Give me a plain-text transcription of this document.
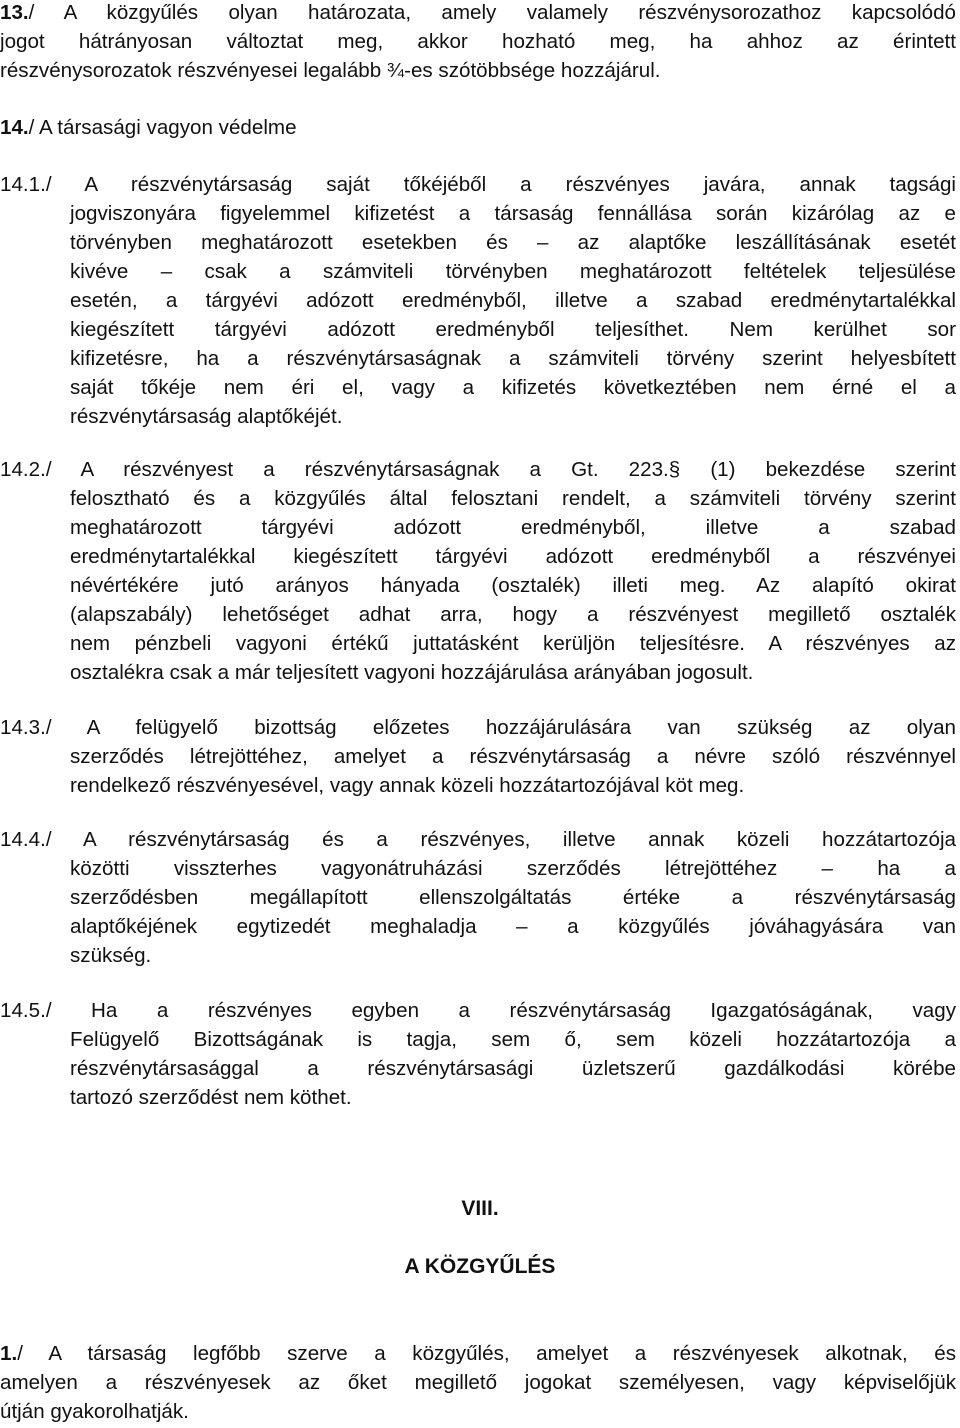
13./ A közgyűlés olyan határozata, amely valamely részvénysorozathoz kapcsolódó
jogot hátrányosan változtat meg, akkor hozható meg, ha ahhoz az érintett
részvénysorozatok részvényesei legalább ¾-es szótöbbsége hozzájárul.
14./ A társasági vagyon védelme
14.1./ A részvénytársaság saját tőkéjéből a részvényes javára, annak tagsági
jogviszonyára figyelemmel kifizetést a társaság fennállása során kizárólag az e
törvényben meghatározott esetekben és – az alaptőke leszállításának esetét
kivéve – csak a számviteli törvényben meghatározott feltételek teljesülése
esetén, a tárgyévi adózott eredményből, illetve a szabad eredménytartalékkal
kiegészített tárgyévi adózott eredményből teljesíthet. Nem kerülhet sor
kifizetésre, ha a részvénytársaságnak a számviteli törvény szerint helyesbített
saját tőkéje nem éri el, vagy a kifizetés következtében nem érné el a
részvénytársaság alaptőkéjét.
14.2./ A részvényest a részvénytársaságnak a Gt. 223.§ (1) bekezdése szerint
felosztható és a közgyűlés által felosztani rendelt, a számviteli törvény szerint
meghatározott tárgyévi adózott eredményből, illetve a szabad
eredménytartalékkal kiegészített tárgyévi adózott eredményből a részvényei
névértékére jutó arányos hányada (osztalék) illeti meg. Az alapító okirat
(alapszabály) lehetőséget adhat arra, hogy a részvényest megillető osztalék
nem pénzbeli vagyoni értékű juttatásként kerüljön teljesítésre. A részvényes az
osztalékra csak a már teljesített vagyoni hozzájárulása arányában jogosult.
14.3./ A felügyelő bizottság előzetes hozzájárulására van szükség az olyan
szerződés létrejöttéhez, amelyet a részvénytársaság a névre szóló részvénnyel
rendelkező részvényesével, vagy annak közeli hozzátartozójával köt meg.
14.4./ A részvénytársaság és a részvényes, illetve annak közeli hozzátartozója
közötti visszterhes vagyonátruházási szerződés létrejöttéhez – ha a
szerződésben megállapított ellenszolgáltatás értéke a részvénytársaság
alaptőkéjének egytizedét meghaladja – a közgyűlés jóváhagyására van
szükség.
14.5./ Ha a részvényes egyben a részvénytársaság Igazgatóságának, vagy
Felügyelő Bizottságának is tagja, sem ő, sem közeli hozzátartozója a
részvénytársasággal a részvénytársasági üzletszerű gazdálkodási körébe
tartozó szerződést nem köthet.
VIII.
A KÖZGYŰLÉS
1./ A társaság legfőbb szerve a közgyűlés, amelyet a részvényesek alkotnak, és
amelyen a részvényesek az őket megillető jogokat személyesen, vagy képviselőjük
útján gyakorolhatják.
